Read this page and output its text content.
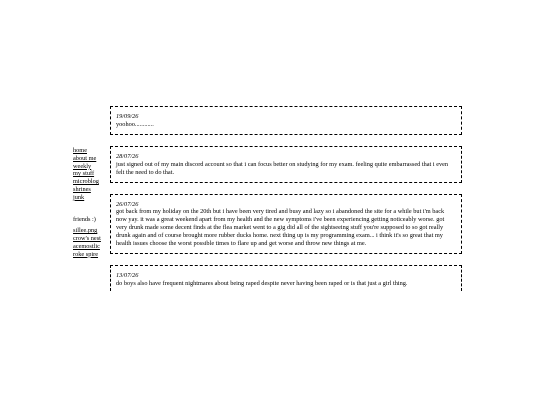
home
about me
weekly
my stuff
microblog
shrines
junk
friends :)
sillee.png
crow's nest
acemostlic
roke spire
19/09/26
yoohoo............
28/07/26
just signed out of my main discord account so that i can focus better on studying for my exam. feeling quite embarrassed that i even felt the need to do that.
26/07/26
got back from my holiday on the 20th but i have been very tired and busy and lazy so i abandoned the site for a while but i'm back now yay. it was a great weekend apart from my health and the new symptoms i've been experiencing getting noticeably worse. got very drunk made some decent finds at the flea market went to a gig did all of the sightseeing stuff you're supposed to so got really drunk again and of course brought more rubber ducks home. next thing up is my programming exam... i think it's so great that my health issues choose the worst possible times to flare up and get worse and throw new things at me.
13/07/26
do boys also have frequent nightmares about being raped despite never having been raped or is that just a girl thing.
